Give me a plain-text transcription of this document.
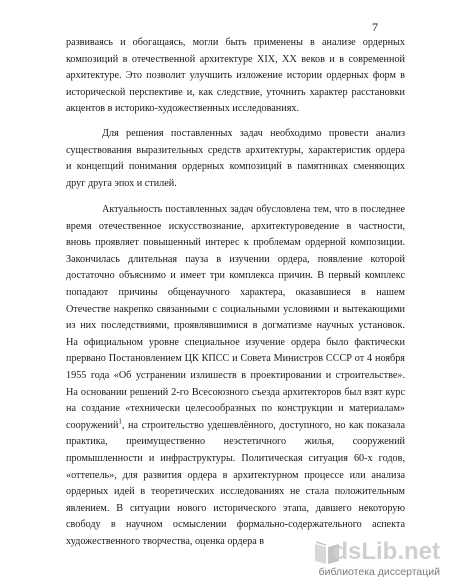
7
развиваясь и обогащаясь, могли быть применены в анализе ордерных
композиций в отечественной архитектуре XIX, XX веков и в современной
архитектуре. Это позволит улучшить изложение истории ордерных форм в
исторической перспективе и, как следствие, уточнить характер расстановки
акцентов в историко-художественных исследованиях.
Для решения поставленных задач необходимо провести анализ
существования выразительных средств архитектуры, характеристик ордера
и концепций понимания ордерных композиций в памятниках сменяющих
друг друга эпох и стилей.
Актуальность поставленных задач обусловлена тем, что в последнее
время отечественное искусствознание, архитектуроведение в частности,
вновь проявляет повышенный интерес к проблемам ордерной композиции.
Закончилась длительная пауза в изучении ордера, появление которой
достаточно объяснимо и имеет три комплекса причин. В первый комплекс
попадают причины общенаучного характера, оказавшиеся в нашем
Отечестве накрепко связанными с социальными условиями и вытекающими
из них последствиями, проявлявшимися в догматизме научных установок.
На официальном уровне специальное изучение ордера было фактически
прервано Постановлением ЦК КПСС и Совета Министров СССР от 4 ноября
1955 года «Об устранении излишеств в проектировании и строительстве».
На основании решений 2-го Всесоюзного съезда архитекторов был взят курс
на создание «технически целесообразных по конструкции и материалам»
сооружений$^1$, на строительство удешевлённого, доступного, но как показала
практика, преимущественно неэстетичного жилья, сооружений
промышленности и инфраструктуры. Политическая ситуация 60-х годов,
«оттепель», для развития ордера в архитектурном процессе или анализа
ордерных идей в теоретических исследованиях не стала положительным
явлением. В ситуации нового исторического этапа, давшего некоторую
свободу в научном осмыслении формально-содержательного аспекта
художественного творчества, оценка ордера в	dsLib.net
библиотека диссертаций
